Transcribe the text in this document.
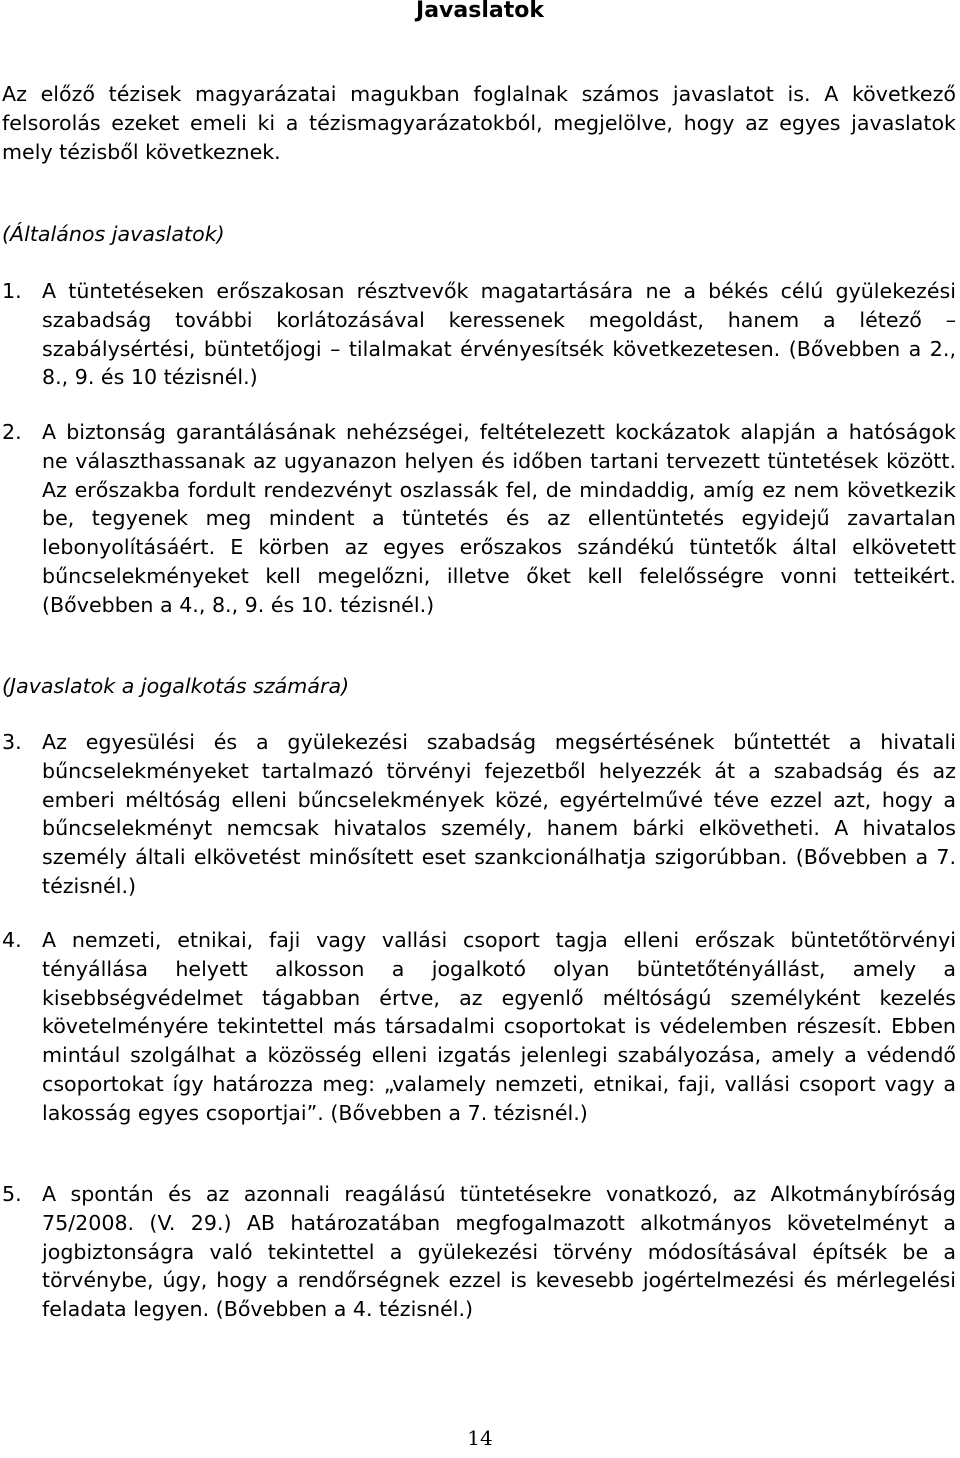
Javaslatok

Az előző tézisek magyarázatai magukban foglalnak számos javaslatot is. A következő felsorolás ezeket emeli ki a tézismagyarázatokból, megjelölve, hogy az egyes javaslatok mely tézisből következnek.

(Általános javaslatok)

1. A tüntetéseken erőszakosan résztvevők magatartására ne a békés célú gyülekezési szabadság további korlátozásával keressenek megoldást, hanem a létező – szabálysértési, büntetőjogi – tilalmakat érvényesítsék következetesen. (Bővebben a 2., 8., 9. és 10 tézisnél.)

2. A biztonság garantálásának nehézségei, feltételezett kockázatok alapján a hatóságok ne választhassanak az ugyanazon helyen és időben tartani tervezett tüntetések között. Az erőszakba fordult rendezvényt oszlassák fel, de mindaddig, amíg ez nem következik be, tegyenek meg mindent a tüntetés és az ellentüntetés egyidejű zavartalan lebonyolításáért. E körben az egyes erőszakos szándékú tüntetők által elkövetett bűncselekményeket kell megelőzni, illetve őket kell felelősségre vonni tetteikért. (Bővebben a 4., 8., 9. és 10. tézisnél.)

(Javaslatok a jogalkotás számára)

3. Az egyesülési és a gyülekezési szabadság megsértésének bűntettét a hivatali bűncselekményeket tartalmazó törvényi fejezetből helyezzék át a szabadság és az emberi méltóság elleni bűncselekmények közé, egyértelművé téve ezzel azt, hogy a bűncselekményt nemcsak hivatalos személy, hanem bárki elkövetheti. A hivatalos személy általi elkövetést minősített eset szankcionálhatja szigorúbban. (Bővebben a 7. tézisnél.)

4. A nemzeti, etnikai, faji vagy vallási csoport tagja elleni erőszak büntetőtörvényi tényállása helyett alkosson a jogalkotó olyan büntetőtényállást, amely a kisebbségvédelmet tágabban értve, az egyenlő méltóságú személyként kezelés követelményére tekintettel más társadalmi csoportokat is védelemben részesít. Ebben mintául szolgálhat a közösség elleni izgatás jelenlegi szabályozása, amely a védendő csoportokat így határozza meg: „valamely nemzeti, etnikai, faji, vallási csoport vagy a lakosság egyes csoportjai”. (Bővebben a 7. tézisnél.)

5. A spontán és az azonnali reagálású tüntetésekre vonatkozó, az Alkotmánybíróság 75/2008. (V. 29.) AB határozatában megfogalmazott alkotmányos követelményt a jogbiztonságra való tekintettel a gyülekezési törvény módosításával építsék be a törvénybe, úgy, hogy a rendőrségnek ezzel is kevesebb jogértelmezési és mérlegelési feladata legyen. (Bővebben a 4. tézisnél.)

14
